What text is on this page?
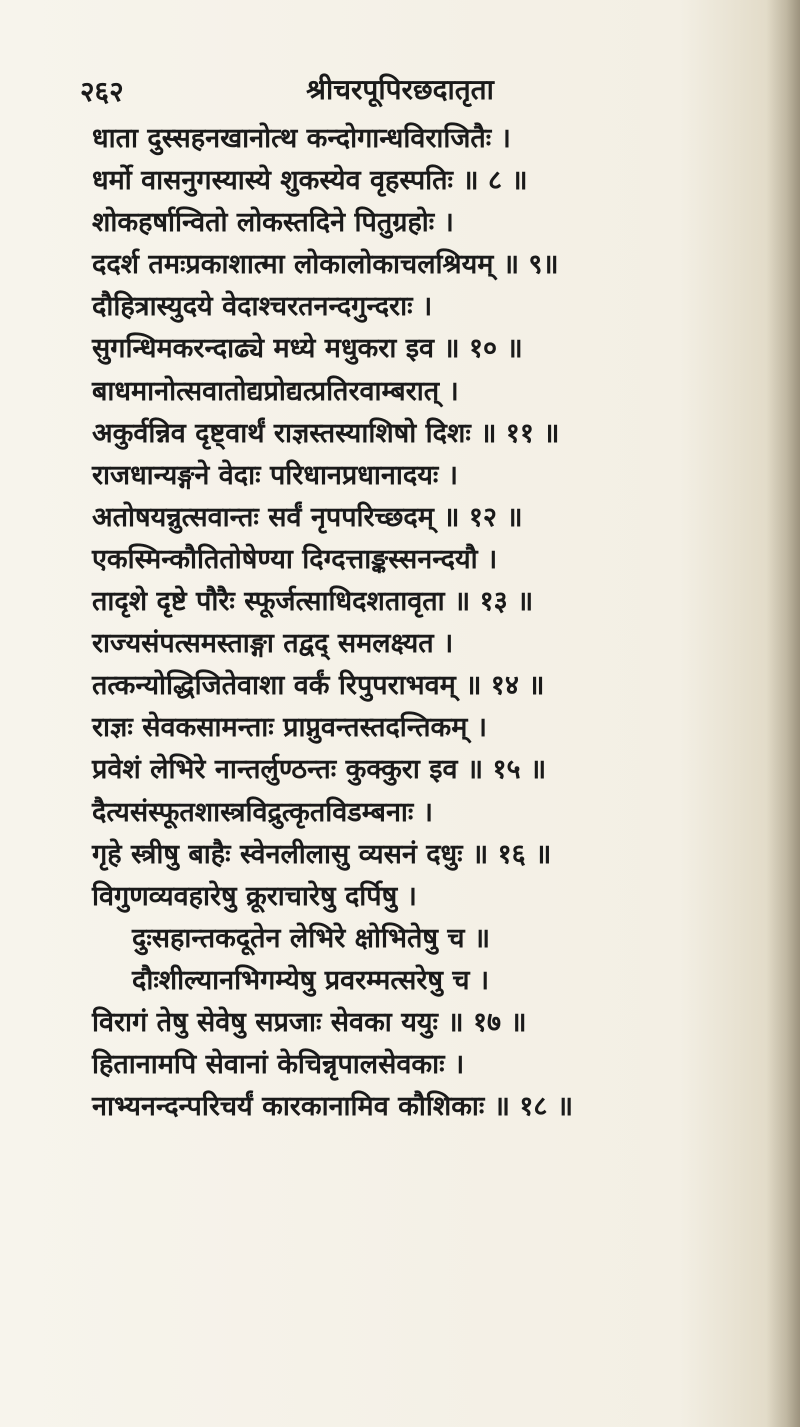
२६२	श्रीचरपूपिरछदातृता
धाता दुस्सहनखानोत्थ कन्दोगान्धविराजितैः ।
धर्मो वासनुगस्यास्ये शुकस्येव वृहस्पतिः ॥ ८ ॥
शोकहर्षान्वितो लोकस्तदिने पितुग्रहोः ।
ददर्श तमःप्रकाशात्मा लोकालोकाचलश्रियम् ॥ ९॥
दौहित्रास्युदये वेदाश्चरतनन्दगुन्दराः ।
सुगन्धिमकरन्दाढ्ये मध्ये मधुकरा इव ॥ १० ॥
बाधमानोत्सवातोद्यप्रोद्यत्प्रतिरवाम्बरात् ।
अकुर्वन्निव दृष्ट्वार्थं राज्ञस्तस्याशिषो दिशः ॥ ११ ॥
राजधान्यङ्गने वेदाः परिधानप्रधानादयः ।
अतोषयन्नुत्सवान्तः सर्वं नृपपरिच्छदम् ॥ १२ ॥
एकस्मिन्कौतितोषेण्या दिग्दत्ताङ्कस्सनन्दयौ ।
तादृशे दृष्टे पौरैः स्फूर्जत्साधिदशतावृता ॥ १३ ॥
राज्यसंपत्समस्ताङ्गा तद्वद् समलक्ष्यत ।
तत्कन्योद्धिजितेवाशा वर्कं रिपुपराभवम् ॥ १४ ॥
राज्ञः सेवकसामन्ताः प्राप्नुवन्तस्तदन्तिकम् ।
प्रवेशं लेभिरे नान्तर्लुण्ठन्तः कुक्कुरा इव ॥ १५ ॥
दैत्यसंस्फूतशास्त्रविद्रुत्कृतविडम्बनाः ।
गृहे स्त्रीषु बाहैः स्वेनलीलासु व्यसनं दधुः ॥ १६ ॥
विगुणव्यवहारेषु क्रूराचारेषु दर्पिषु ।
दुःसहान्तकदूतेन लेभिरे क्षोभितेषु च ॥
दौःशील्यानभिगम्येषु प्रवरम्मत्सरेषु च ।
विरागं तेषु सेवेषु सप्रजाः सेवका ययुः ॥ १७ ॥
हितानामपि सेवानां केचिन्नृपालसेवकाः ।
नाभ्यनन्दन्परिचर्यं कारकानामिव कौशिकाः ॥ १८ ॥
